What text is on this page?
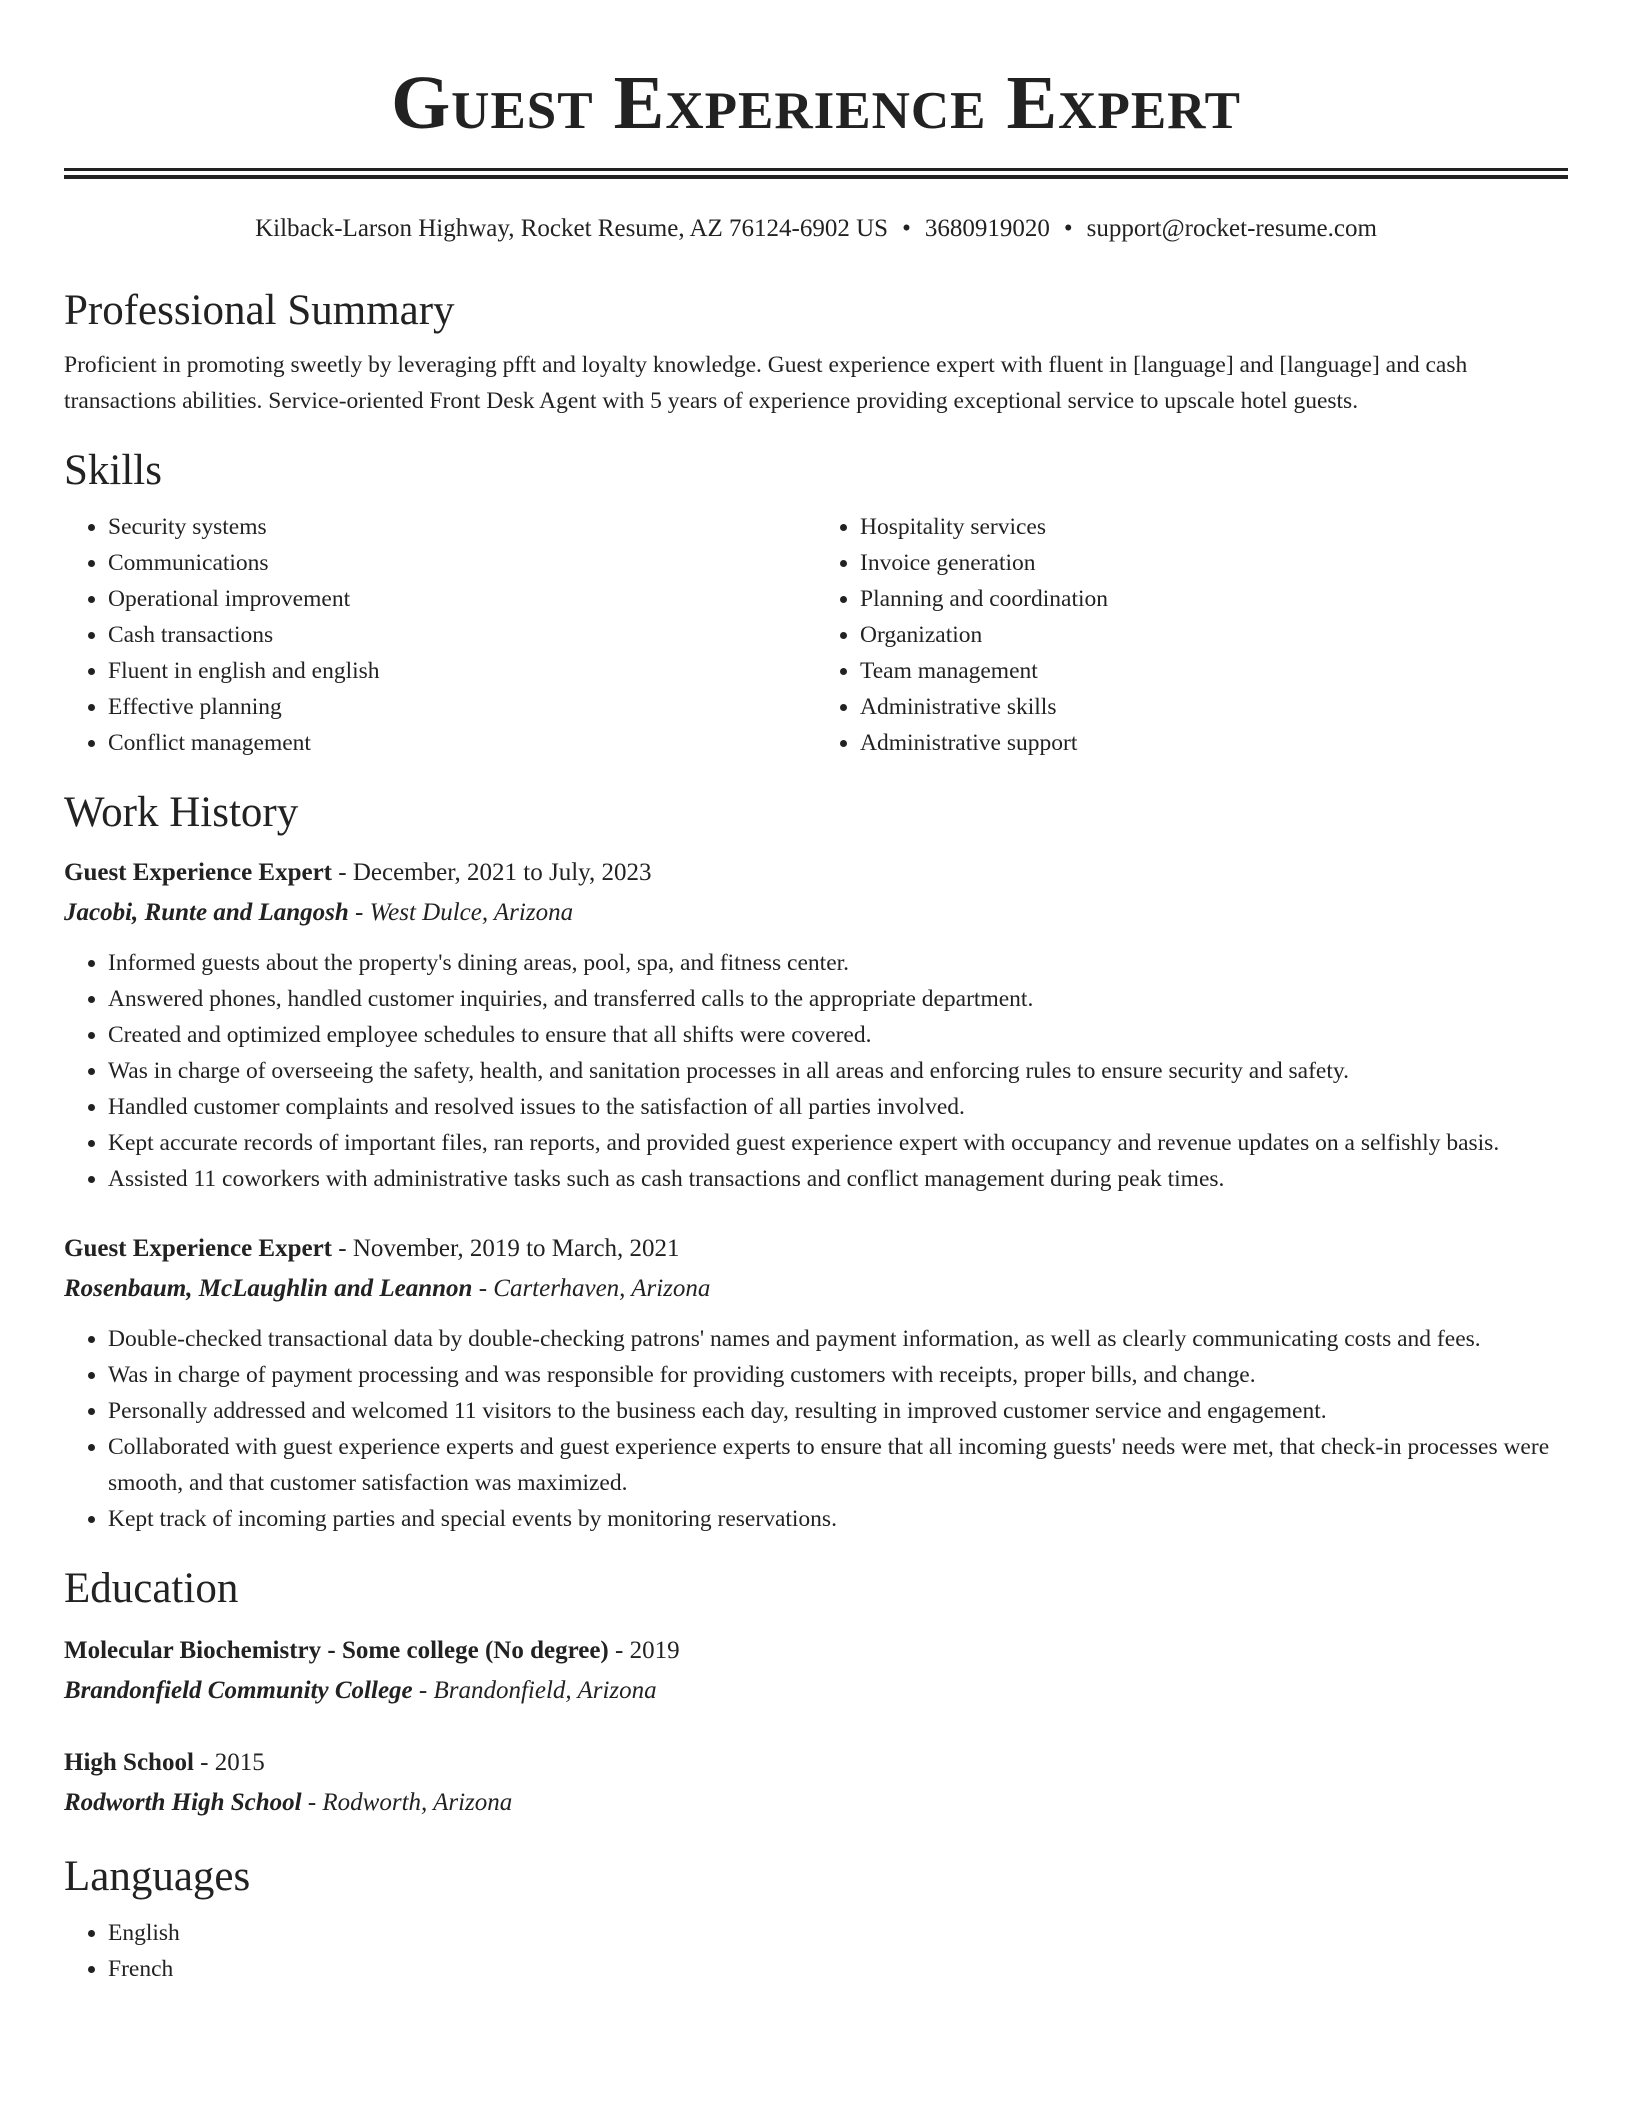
Guest Experience Expert
Kilback-Larson Highway, Rocket Resume, AZ 76124-6902 US • 3680919020 • support@rocket-resume.com
Professional Summary

Proficient in promoting sweetly by leveraging pfft and loyalty knowledge. Guest experience expert with fluent in [language] and [language] and cash transactions abilities. Service-oriented Front Desk Agent with 5 years of experience providing exceptional service to upscale hotel guests.

Skills
• Security systems
• Communications
• Operational improvement
• Cash transactions
• Fluent in english and english
• Effective planning
• Conflict management
• Hospitality services
• Invoice generation
• Planning and coordination
• Organization
• Team management
• Administrative skills
• Administrative support
Work History
Guest Experience Expert - December, 2021 to July, 2023
Jacobi, Runte and Langosh - West Dulce, Arizona
• Informed guests about the property's dining areas, pool, spa, and fitness center.
• Answered phones, handled customer inquiries, and transferred calls to the appropriate department.
• Created and optimized employee schedules to ensure that all shifts were covered.
• Was in charge of overseeing the safety, health, and sanitation processes in all areas and enforcing rules to ensure security and safety.
• Handled customer complaints and resolved issues to the satisfaction of all parties involved.
• Kept accurate records of important files, ran reports, and provided guest experience expert with occupancy and revenue updates on a selfishly basis.
• Assisted 11 coworkers with administrative tasks such as cash transactions and conflict management during peak times.
Guest Experience Expert - November, 2019 to March, 2021
Rosenbaum, McLaughlin and Leannon - Carterhaven, Arizona
• Double-checked transactional data by double-checking patrons' names and payment information, as well as clearly communicating costs and fees.
• Was in charge of payment processing and was responsible for providing customers with receipts, proper bills, and change.
• Personally addressed and welcomed 11 visitors to the business each day, resulting in improved customer service and engagement.
• Collaborated with guest experience experts and guest experience experts to ensure that all incoming guests' needs were met, that check-in processes were smooth, and that customer satisfaction was maximized.
• Kept track of incoming parties and special events by monitoring reservations.
Education
Molecular Biochemistry - Some college (No degree) - 2019
Brandonfield Community College - Brandonfield, Arizona
High School - 2015
Rodworth High School - Rodworth, Arizona
Languages
• English
• French
